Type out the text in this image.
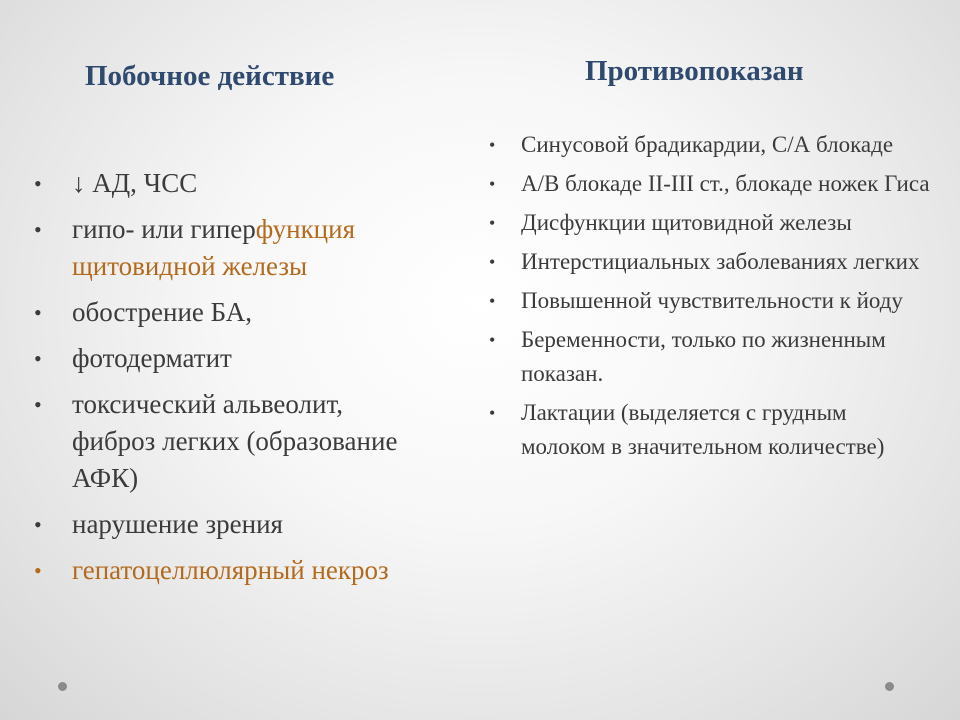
Побочное действие	Противопоказан
• ↓ АД, ЧСС
• гипо- или гиперфункция щитовидной железы
• обострение БА,
• фотодерматит
• токсический альвеолит, фиброз легких (образование АФК)
• нарушение зрения
• гепатоцеллюлярный некроз
• Синусовой брадикардии, С/А блокаде
• А/В блокаде II-III ст., блокаде ножек Гиса
• Дисфункции щитовидной железы
• Интерстициальных заболеваниях легких
• Повышенной чувствительности к йоду
• Беременности, только по жизненным показан.
• Лактации (выделяется с грудным молоком в значительном количестве)
